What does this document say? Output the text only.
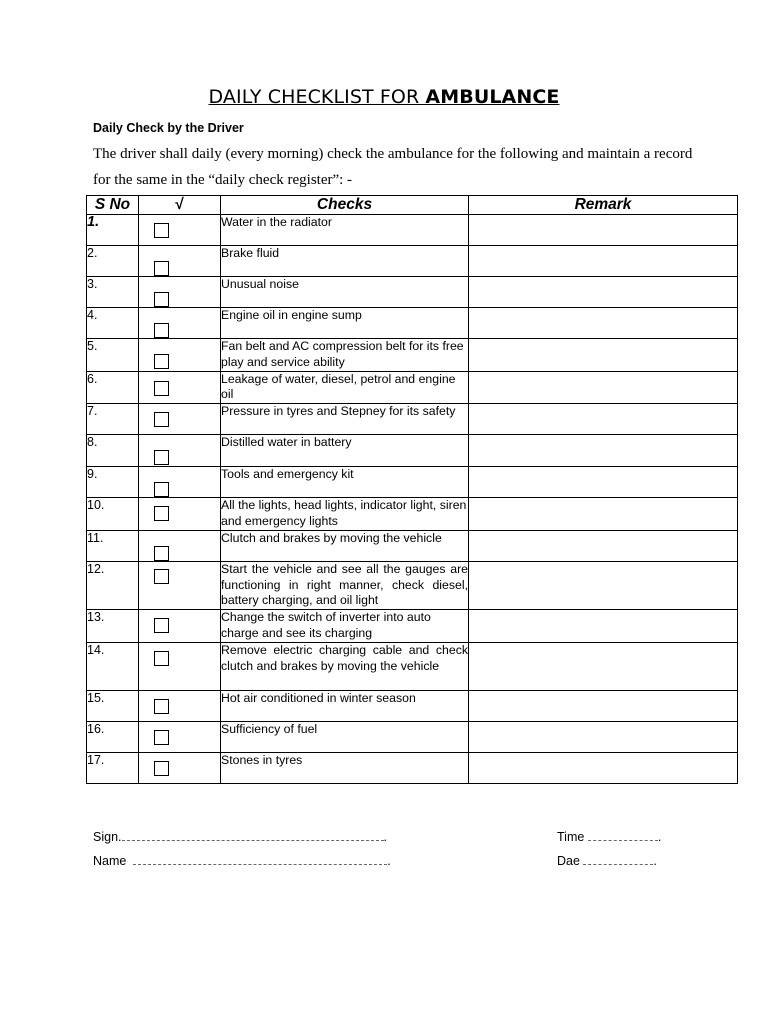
DAILY CHECKLIST FOR AMBULANCE
Daily Check by the Driver
The driver shall daily (every morning) check the ambulance for the following and maintain a record for the same in the “daily check register”: -
S No	√	Checks	Remark
1.		Water in the radiator	
2.		Brake fluid	
3.		Unusual noise	
4.		Engine oil in engine sump	
5.		Fan belt and AC compression belt for its free play and service ability	
6.		Leakage of water, diesel, petrol and engine oil	
7.		Pressure in tyres and Stepney for its safety	
8.		Distilled water in battery	
9.		Tools and emergency kit	
10.		All the lights, head lights, indicator light, siren and emergency lights	
11.		Clutch and brakes by moving the vehicle	
12.		Start the vehicle and see all the gauges are functioning in right manner, check diesel, battery charging, and oil light	
13.		Change the switch of inverter into auto charge and see its charging	
14.		Remove electric charging cable and check clutch and brakes by moving the vehicle	
15.		Hot air conditioned in winter season	
16.		Sufficiency of fuel	
17.		Stones in tyres	
Sign.	.
Name	.
Time	.
Dae	.
